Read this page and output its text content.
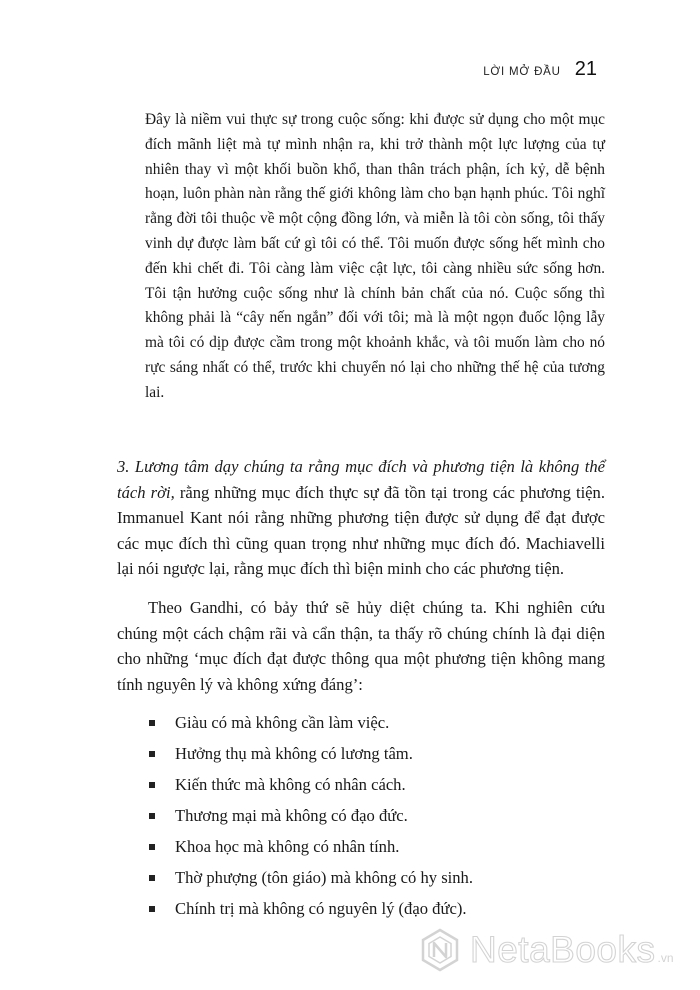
LỜI MỞ ĐẦU 21

Đây là niềm vui thực sự trong cuộc sống: khi được sử dụng cho một mục đích mãnh liệt mà tự mình nhận ra, khi trở thành một lực lượng của tự nhiên thay vì một khối buồn khổ, than thân trách phận, ích kỷ, dễ bệnh hoạn, luôn phàn nàn rằng thế giới không làm cho bạn hạnh phúc. Tôi nghĩ rằng đời tôi thuộc về một cộng đồng lớn, và miễn là tôi còn sống, tôi thấy vinh dự được làm bất cứ gì tôi có thể. Tôi muốn được sống hết mình cho đến khi chết đi. Tôi càng làm việc cật lực, tôi càng nhiều sức sống hơn. Tôi tận hưởng cuộc sống như là chính bản chất của nó. Cuộc sống thì không phải là “cây nến ngắn” đối với tôi; mà là một ngọn đuốc lộng lẫy mà tôi có dịp được cầm trong một khoảnh khắc, và tôi muốn làm cho nó rực sáng nhất có thể, trước khi chuyển nó lại cho những thế hệ của tương lai.

3. Lương tâm dạy chúng ta rằng mục đích và phương tiện là không thể tách rời, rằng những mục đích thực sự đã tồn tại trong các phương tiện. Immanuel Kant nói rằng những phương tiện được sử dụng để đạt được các mục đích thì cũng quan trọng như những mục đích đó. Machiavelli lại nói ngược lại, rằng mục đích thì biện minh cho các phương tiện.

Theo Gandhi, có bảy thứ sẽ hủy diệt chúng ta. Khi nghiên cứu chúng một cách chậm rãi và cẩn thận, ta thấy rõ chúng chính là đại diện cho những ‘mục đích đạt được thông qua một phương tiện không mang tính nguyên lý và không xứng đáng’:

Giàu có mà không cần làm việc.
Hưởng thụ mà không có lương tâm.
Kiến thức mà không có nhân cách.
Thương mại mà không có đạo đức.
Khoa học mà không có nhân tính.
Thờ phượng (tôn giáo) mà không có hy sinh.
Chính trị mà không có nguyên lý (đạo đức).
NetaBooks .vn
